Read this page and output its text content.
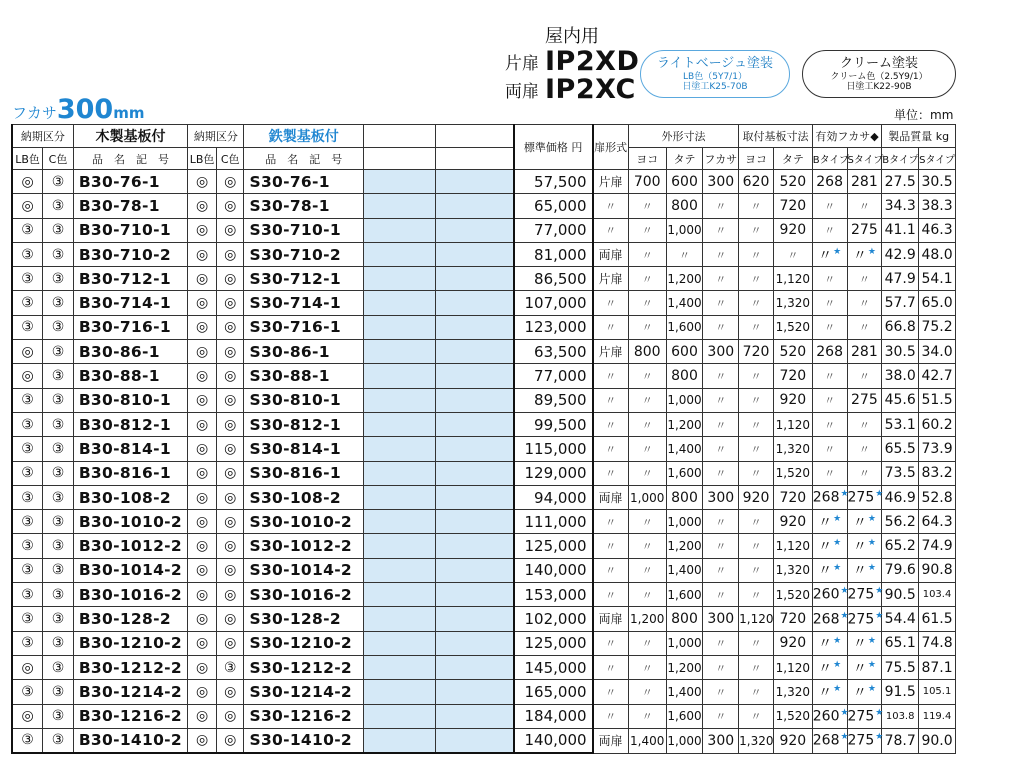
屋内用
片扉 IP2XD
両扉 IP2XC
ライトベージュ塗装
LB色（5Y7/1）
日塗工K25-70B
クリーム塗装
クリーム色（2.5Y9/1）
日塗工K22-90B
フカサ300mm	単位：mm
納期区分		木製基板付	納期区分		鉄製基板付			標準価格 円	扉形式	外形寸法			取付基板寸法		有効フカサ◆		製品質量 kg	
LB色	C色	品　名　記　号	LB色	C色	品　名　記　号					ヨコ	タテ	フカサ	ヨコ	タテ	Bタイプ	Sタイプ	Bタイプ	Sタイプ
◎	③	B30-76-1	◎	◎	S30-76-1			57,500	片扉	700	600	300	620	520	268	281	27.5	30.5
◎	③	B30-78-1	◎	◎	S30-78-1			65,000	〃	〃	800	〃	〃	720	〃	〃	34.3	38.3
③	③	B30-710-1	◎	◎	S30-710-1			77,000	〃	〃	1,000	〃	〃	920	〃	275	41.1	46.3
③	③	B30-710-2	◎	◎	S30-710-2			81,000	両扉	〃	〃	〃	〃	〃	〃★	〃★	42.9	48.0
③	③	B30-712-1	◎	◎	S30-712-1			86,500	片扉	〃	1,200	〃	〃	1,120	〃	〃	47.9	54.1
③	③	B30-714-1	◎	◎	S30-714-1			107,000	〃	〃	1,400	〃	〃	1,320	〃	〃	57.7	65.0
③	③	B30-716-1	◎	◎	S30-716-1			123,000	〃	〃	1,600	〃	〃	1,520	〃	〃	66.8	75.2
◎	③	B30-86-1	◎	◎	S30-86-1			63,500	片扉	800	600	300	720	520	268	281	30.5	34.0
◎	③	B30-88-1	◎	◎	S30-88-1			77,000	〃	〃	800	〃	〃	720	〃	〃	38.0	42.7
③	③	B30-810-1	◎	◎	S30-810-1			89,500	〃	〃	1,000	〃	〃	920	〃	275	45.6	51.5
③	③	B30-812-1	◎	◎	S30-812-1			99,500	〃	〃	1,200	〃	〃	1,120	〃	〃	53.1	60.2
③	③	B30-814-1	◎	◎	S30-814-1			115,000	〃	〃	1,400	〃	〃	1,320	〃	〃	65.5	73.9
③	③	B30-816-1	◎	◎	S30-816-1			129,000	〃	〃	1,600	〃	〃	1,520	〃	〃	73.5	83.2
③	③	B30-108-2	◎	◎	S30-108-2			94,000	両扉	1,000	800	300	920	720	268★	275★	46.9	52.8
③	③	B30-1010-2	◎	◎	S30-1010-2			111,000	〃	〃	1,000	〃	〃	920	〃★	〃★	56.2	64.3
③	③	B30-1012-2	◎	◎	S30-1012-2			125,000	〃	〃	1,200	〃	〃	1,120	〃★	〃★	65.2	74.9
③	③	B30-1014-2	◎	◎	S30-1014-2			140,000	〃	〃	1,400	〃	〃	1,320	〃★	〃★	79.6	90.8
③	③	B30-1016-2	◎	◎	S30-1016-2			153,000	〃	〃	1,600	〃	〃	1,520	260★	275★	90.5	103.4
③	③	B30-128-2	◎	◎	S30-128-2			102,000	両扉	1,200	800	300	1,120	720	268★	275★	54.4	61.5
③	③	B30-1210-2	◎	◎	S30-1210-2			125,000	〃	〃	1,000	〃	〃	920	〃★	〃★	65.1	74.8
◎	③	B30-1212-2	◎	③	S30-1212-2			145,000	〃	〃	1,200	〃	〃	1,120	〃★	〃★	75.5	87.1
③	③	B30-1214-2	◎	◎	S30-1214-2			165,000	〃	〃	1,400	〃	〃	1,320	〃★	〃★	91.5	105.1
◎	③	B30-1216-2	◎	◎	S30-1216-2			184,000	〃	〃	1,600	〃	〃	1,520	260★	275★	103.8	119.4
③	③	B30-1410-2	◎	◎	S30-1410-2			140,000	両扉	1,400	1,000	300	1,320	920	268★	275★	78.7	90.0
